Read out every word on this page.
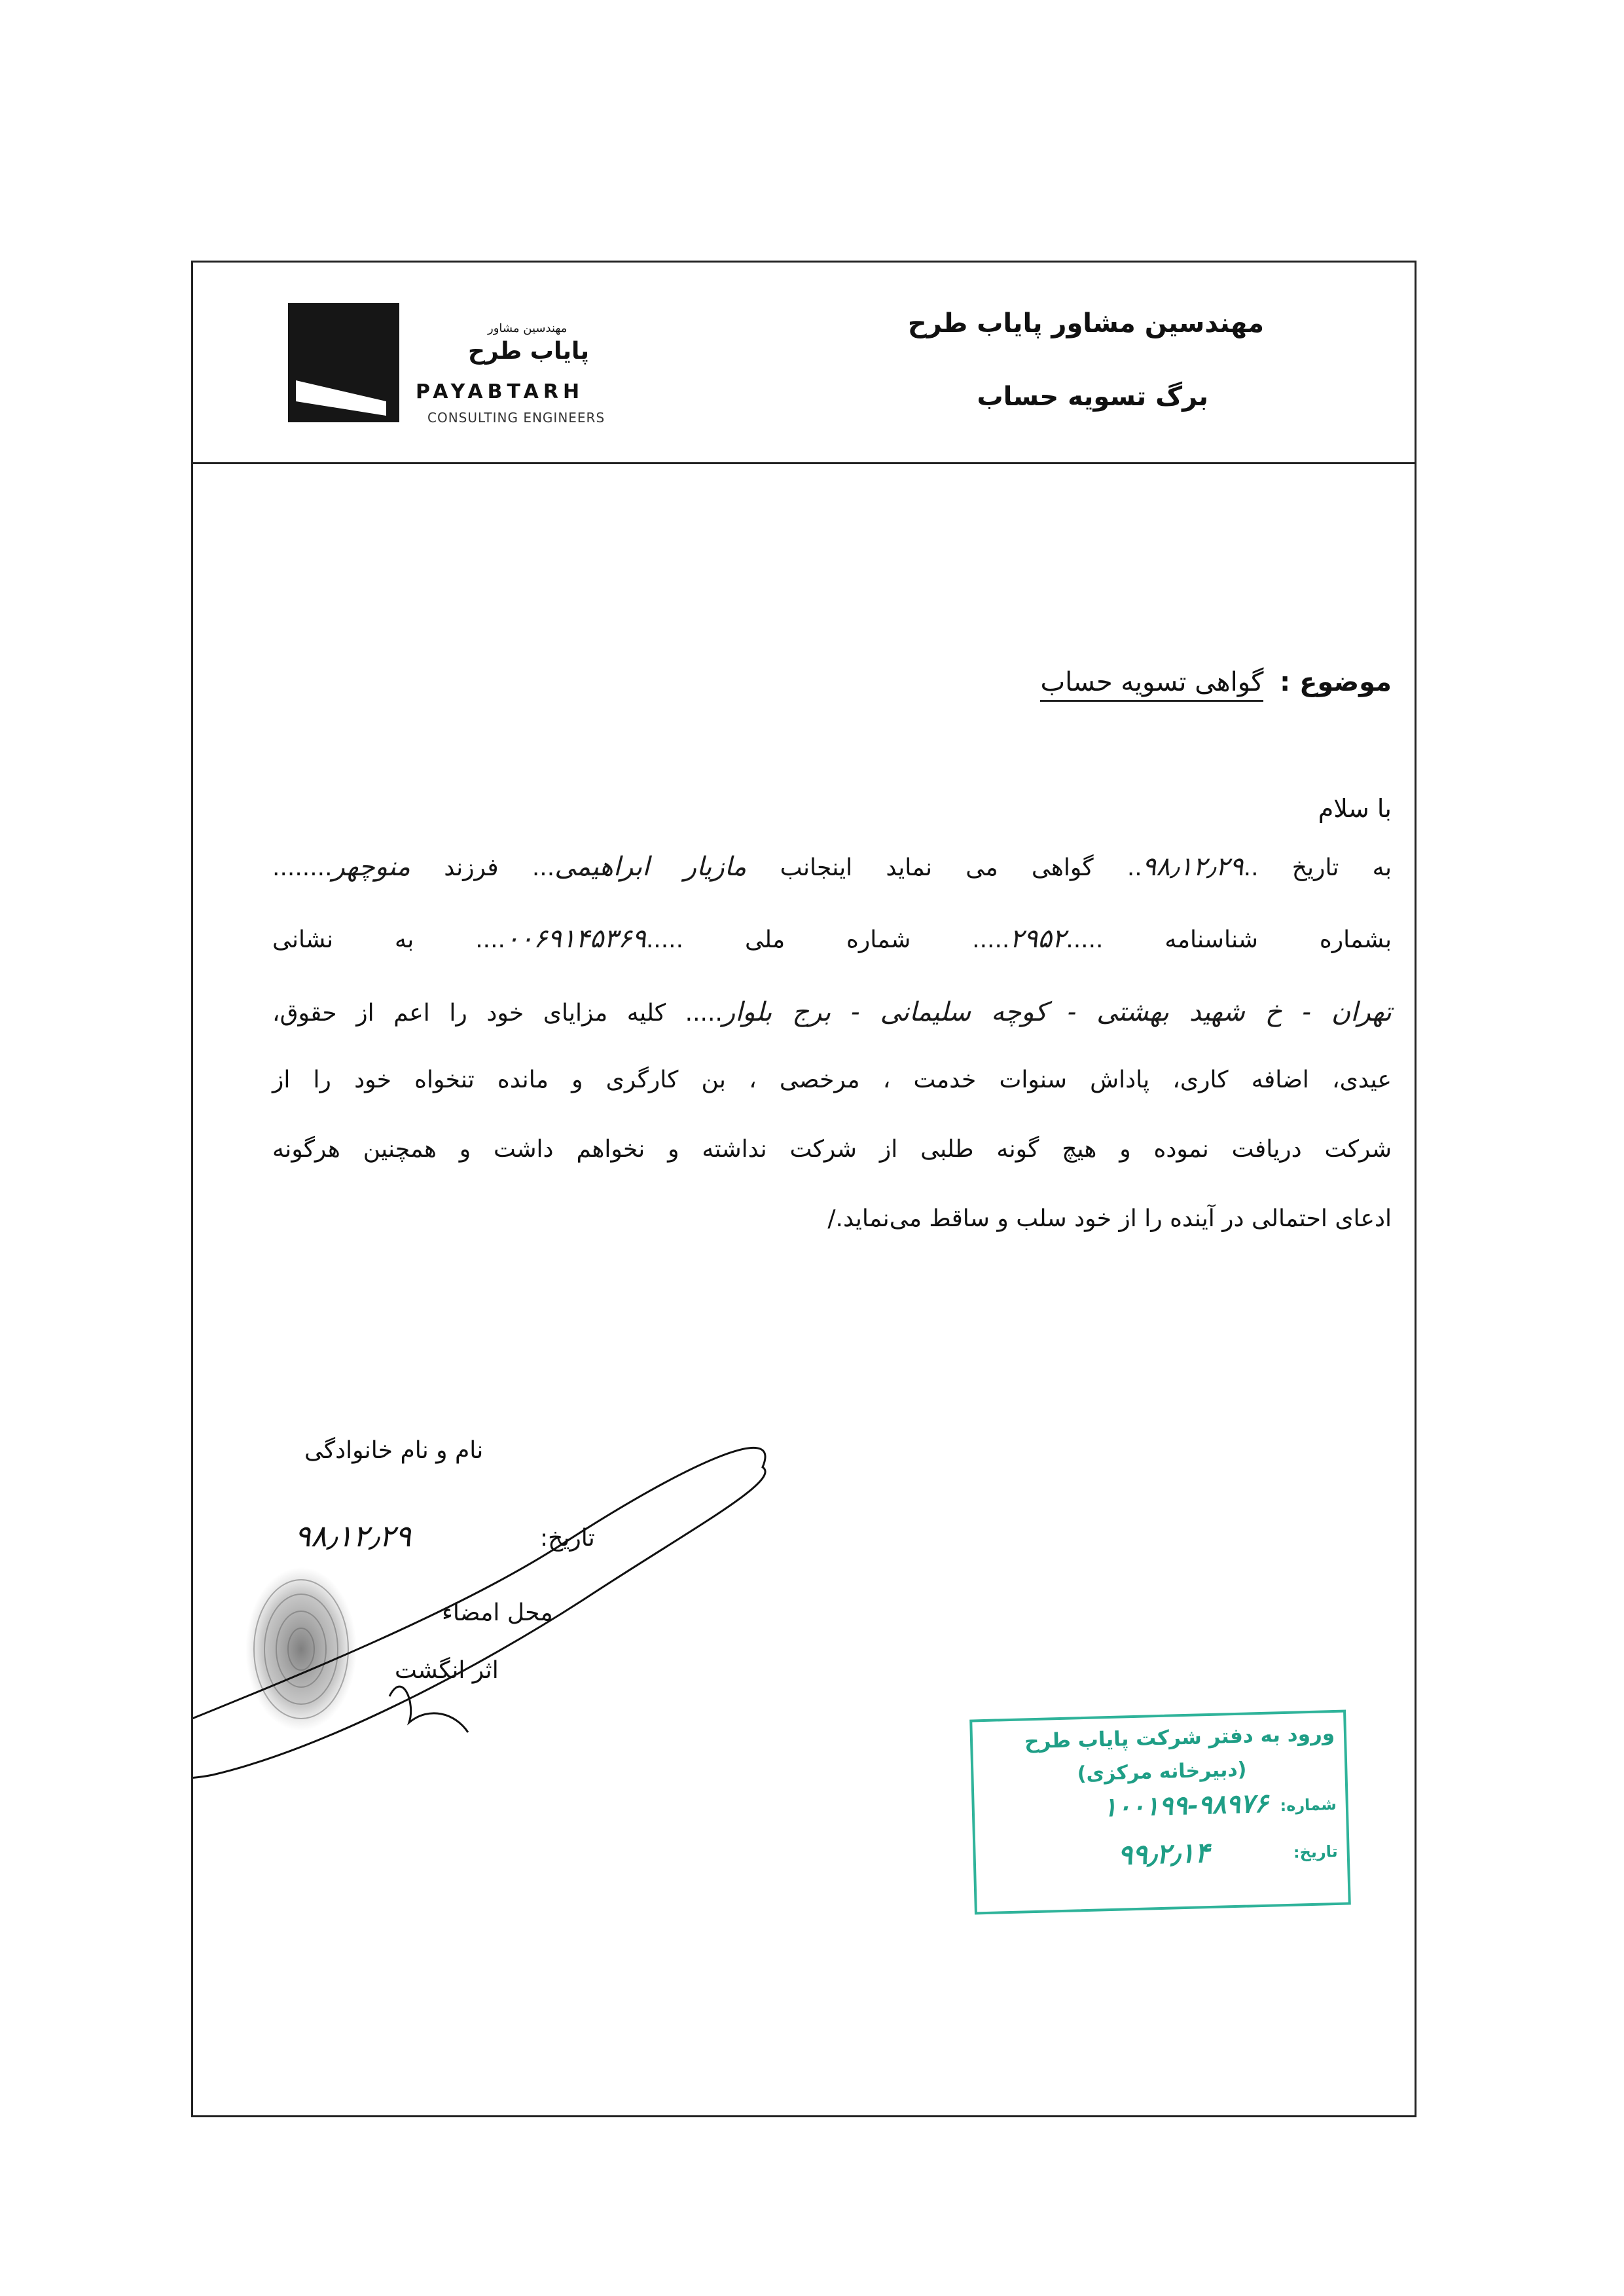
مهندسین مشاور پایاب طرح
برگ تسویه حساب
مهندسین مشاور
پایاب طرح
PAYABTARH
CONSULTING ENGINEERS
موضوع : گواهی تسویه حساب
با سلام
به تاریخ ..۹۸٫۱۲٫۲۹.. گواهی می نماید اینجانب مازیار ابراهیمی... فرزند منوچهر........
بشماره شناسنامه .....۲۹۵۲..... شماره ملی .....۰۰۶۹۱۴۵۳۶۹.... به نشانی
تهران - خ شهید بهشتی - کوچه سلیمانی - برج بلوار..... کلیه مزایای خود را اعم از حقوق،
عیدی، اضافه کاری، پاداش سنوات خدمت ، مرخصی ، بن کارگری و مانده تنخواه خود را از
شرکت دریافت نموده و هیچ گونه طلبی از شرکت نداشته و نخواهم داشت و همچنین هرگونه
ادعای احتمالی در آینده را از خود سلب و ساقط می‌نماید./
نام و نام خانوادگی
تاریخ:
۹۸٫۱۲٫۲۹
محل امضاء
اثر انگشت
ورود به دفتر شرکت پایاب طرح
(دبیرخانه مرکزی)
شماره:
۱۰۰۱۹۹-۹۸۹۷۶
تاریخ:
۹۹٫۲٫۱۴
